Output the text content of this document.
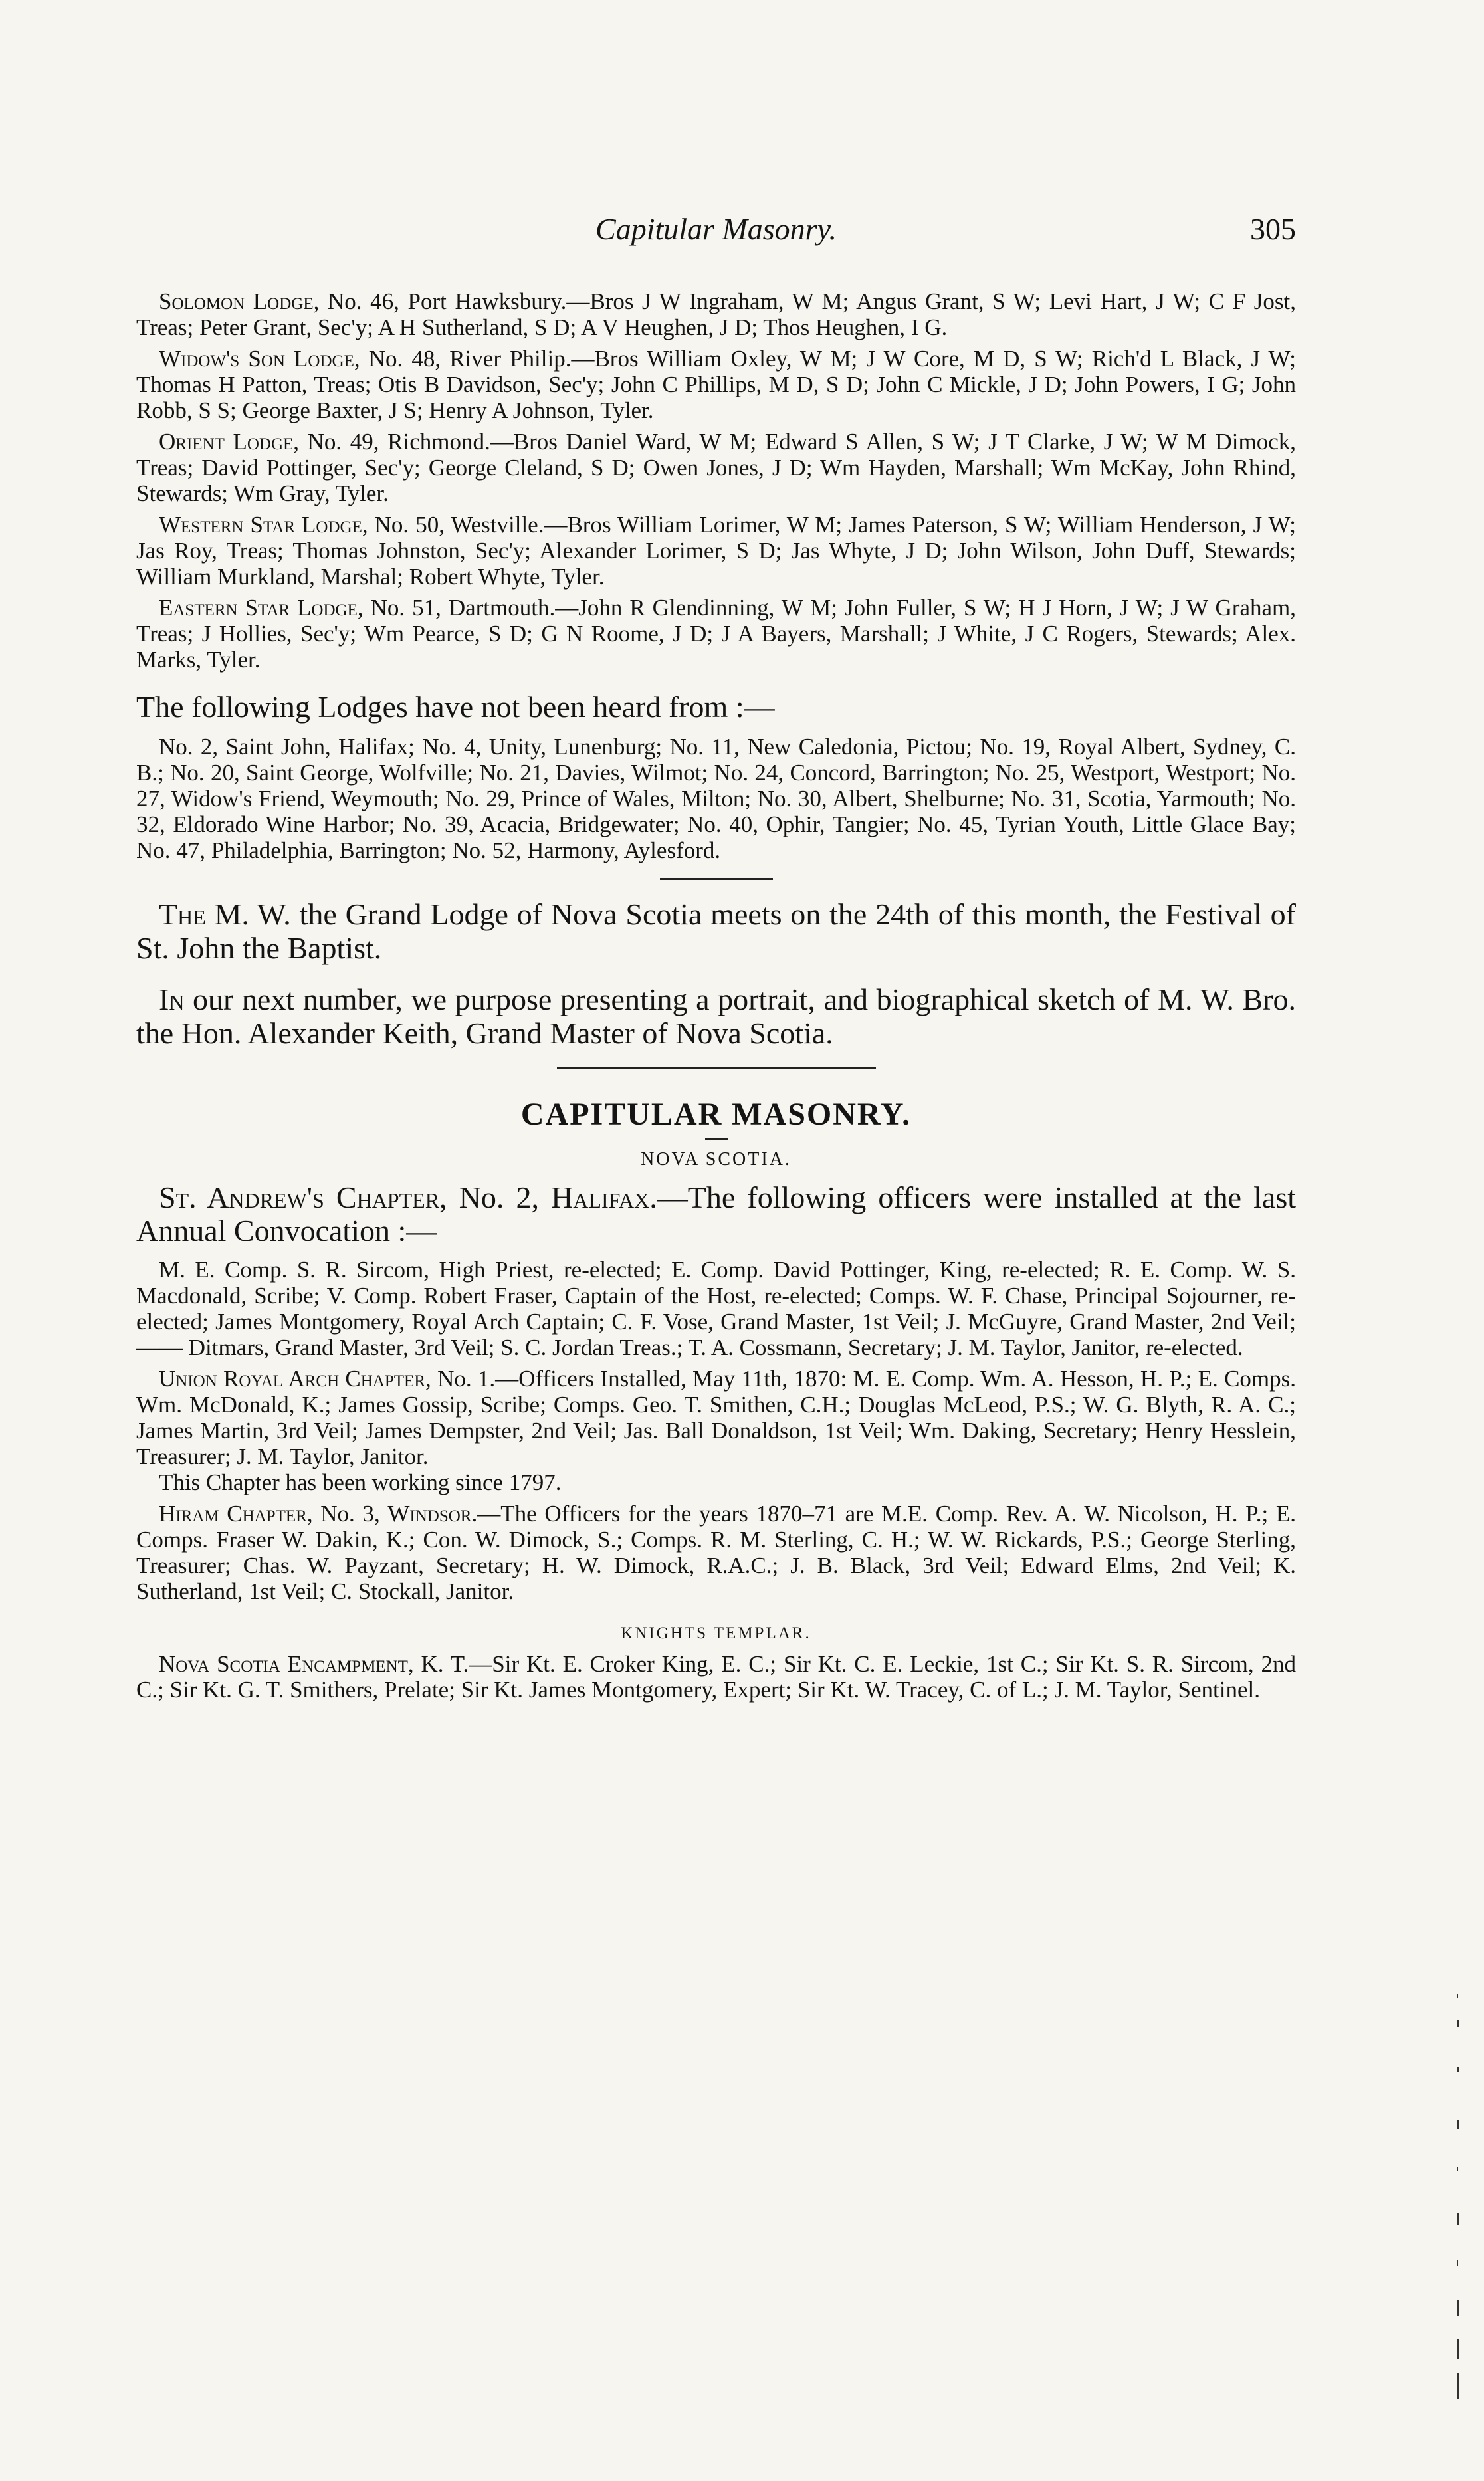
Capitular Masonry.	305

Solomon Lodge, No. 46, Port Hawksbury.—Bros J W Ingraham, W M; Angus Grant, S W; Levi Hart, J W; C F Jost, Treas; Peter Grant, Sec'y; A H Sutherland, S D; A V Heughen, J D; Thos Heughen, I G.

Widow's Son Lodge, No. 48, River Philip.—Bros William Oxley, W M; J W Core, M D, S W; Rich'd L Black, J W; Thomas H Patton, Treas; Otis B Davidson, Sec'y; John C Phillips, M D, S D; John C Mickle, J D; John Powers, I G; John Robb, S S; George Baxter, J S; Henry A Johnson, Tyler.

Orient Lodge, No. 49, Richmond.—Bros Daniel Ward, W M; Edward S Allen, S W; J T Clarke, J W; W M Dimock, Treas; David Pottinger, Sec'y; George Cleland, S D; Owen Jones, J D; Wm Hayden, Marshall; Wm McKay, John Rhind, Stewards; Wm Gray, Tyler.

Western Star Lodge, No. 50, Westville.—Bros William Lorimer, W M; James Paterson, S W; William Henderson, J W; Jas Roy, Treas; Thomas Johnston, Sec'y; Alexander Lorimer, S D; Jas Whyte, J D; John Wilson, John Duff, Stewards; William Murkland, Marshal; Robert Whyte, Tyler.

Eastern Star Lodge, No. 51, Dartmouth.—John R Glendinning, W M; John Fuller, S W; H J Horn, J W; J W Graham, Treas; J Hollies, Sec'y; Wm Pearce, S D; G N Roome, J D; J A Bayers, Marshall; J White, J C Rogers, Stewards; Alex. Marks, Tyler.

The following Lodges have not been heard from :—

No. 2, Saint John, Halifax; No. 4, Unity, Lunenburg; No. 11, New Caledonia, Pictou; No. 19, Royal Albert, Sydney, C. B.; No. 20, Saint George, Wolfville; No. 21, Davies, Wilmot; No. 24, Concord, Barrington; No. 25, Westport, Westport; No. 27, Widow's Friend, Weymouth; No. 29, Prince of Wales, Milton; No. 30, Albert, Shelburne; No. 31, Scotia, Yarmouth; No. 32, Eldorado Wine Harbor; No. 39, Acacia, Bridgewater; No. 40, Ophir, Tangier; No. 45, Tyrian Youth, Little Glace Bay; No. 47, Philadelphia, Barrington; No. 52, Harmony, Aylesford.

The M. W. the Grand Lodge of Nova Scotia meets on the 24th of this month, the Festival of St. John the Baptist.

In our next number, we purpose presenting a portrait, and biographical sketch of M. W. Bro. the Hon. Alexander Keith, Grand Master of Nova Scotia.

CAPITULAR MASONRY.
NOVA SCOTIA.

St. Andrew's Chapter, No. 2, Halifax.—The following officers were installed at the last Annual Convocation :—

M. E. Comp. S. R. Sircom, High Priest, re-elected; E. Comp. David Pottinger, King, re-elected; R. E. Comp. W. S. Macdonald, Scribe; V. Comp. Robert Fraser, Captain of the Host, re-elected; Comps. W. F. Chase, Principal Sojourner, re-elected; James Montgomery, Royal Arch Captain; C. F. Vose, Grand Master, 1st Veil; J. McGuyre, Grand Master, 2nd Veil; —— Ditmars, Grand Master, 3rd Veil; S. C. Jordan Treas.; T. A. Cossmann, Secretary; J. M. Taylor, Janitor, re-elected.

Union Royal Arch Chapter, No. 1.—Officers Installed, May 11th, 1870: M. E. Comp. Wm. A. Hesson, H. P.; E. Comps. Wm. McDonald, K.; James Gossip, Scribe; Comps. Geo. T. Smithen, C.H.; Douglas McLeod, P.S.; W. G. Blyth, R. A. C.; James Martin, 3rd Veil; James Dempster, 2nd Veil; Jas. Ball Donaldson, 1st Veil; Wm. Daking, Secretary; Henry Hesslein, Treasurer; J. M. Taylor, Janitor.

This Chapter has been working since 1797.

Hiram Chapter, No. 3, Windsor.—The Officers for the years 1870–71 are M.E. Comp. Rev. A. W. Nicolson, H. P.; E. Comps. Fraser W. Dakin, K.; Con. W. Dimock, S.; Comps. R. M. Sterling, C. H.; W. W. Rickards, P.S.; George Sterling, Treasurer; Chas. W. Payzant, Secretary; H. W. Dimock, R.A.C.; J. B. Black, 3rd Veil; Edward Elms, 2nd Veil; K. Sutherland, 1st Veil; C. Stockall, Janitor.

KNIGHTS TEMPLAR.

Nova Scotia Encampment, K. T.—Sir Kt. E. Croker King, E. C.; Sir Kt. C. E. Leckie, 1st C.; Sir Kt. S. R. Sircom, 2nd C.; Sir Kt. G. T. Smithers, Prelate; Sir Kt. James Montgomery, Expert; Sir Kt. W. Tracey, C. of L.; J. M. Taylor, Sentinel.
